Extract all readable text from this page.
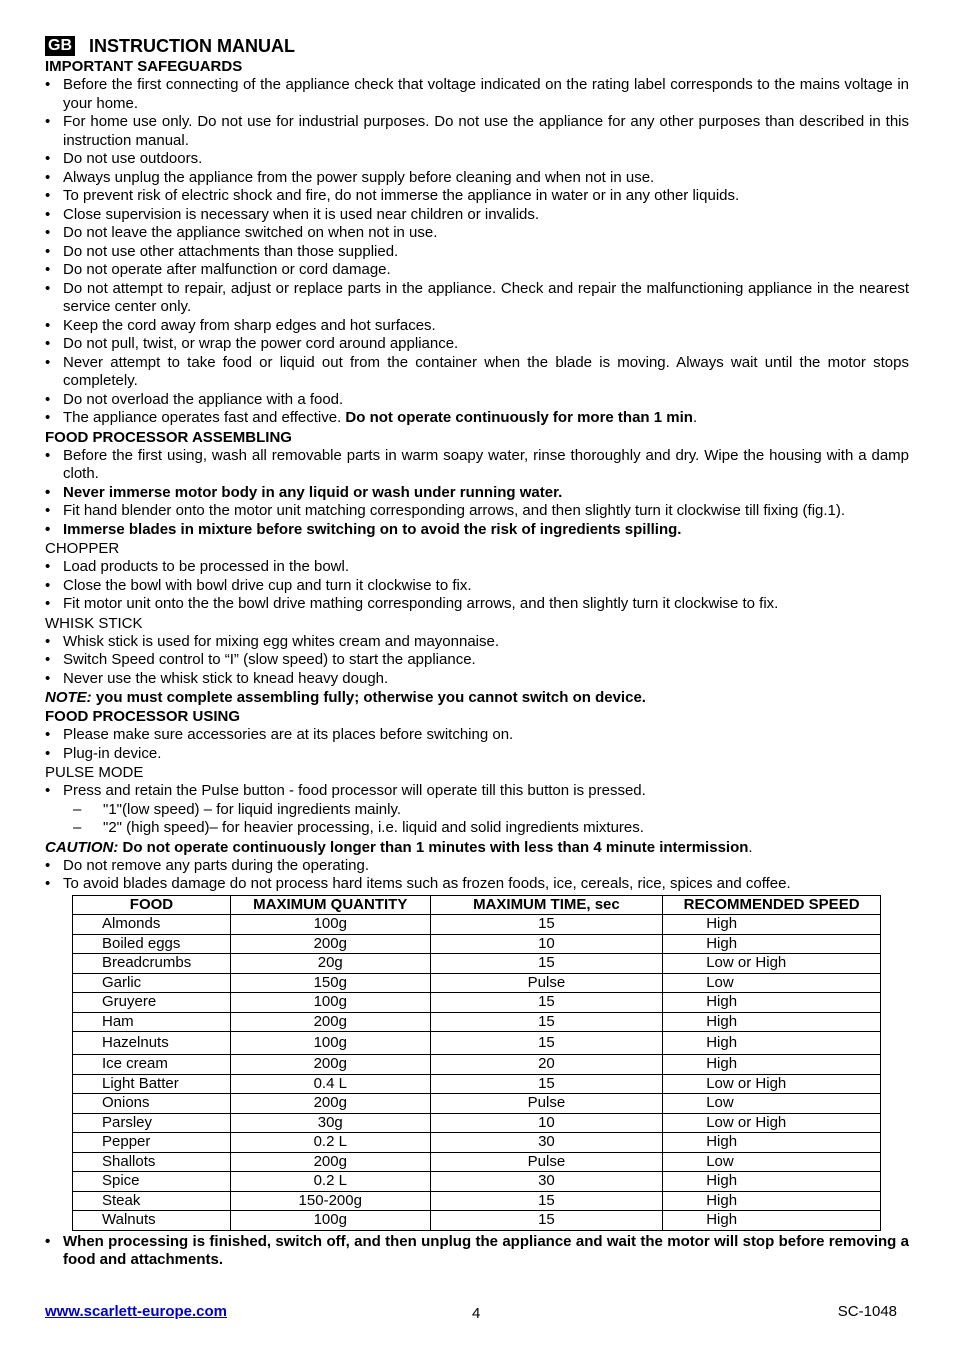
GB INSTRUCTION MANUAL
IMPORTANT SAFEGUARDS
• Before the first connecting of the appliance check that voltage indicated on the rating label corresponds to the mains voltage in your home.
• For home use only. Do not use for industrial purposes. Do not use the appliance for any other purposes than described in this instruction manual.
• Do not use outdoors.
• Always unplug the appliance from the power supply before cleaning and when not in use.
• To prevent risk of electric shock and fire, do not immerse the appliance in water or in any other liquids.
• Close supervision is necessary when it is used near children or invalids.
• Do not leave the appliance switched on when not in use.
• Do not use other attachments than those supplied.
• Do not operate after malfunction or cord damage.
• Do not attempt to repair, adjust or replace parts in the appliance. Check and repair the malfunctioning appliance in the nearest service center only.
• Keep the cord away from sharp edges and hot surfaces.
• Do not pull, twist, or wrap the power cord around appliance.
• Never attempt to take food or liquid out from the container when the blade is moving. Always wait until the motor stops completely.
• Do not overload the appliance with a food.
• The appliance operates fast and effective. Do not operate continuously for more than 1 min.
FOOD PROCESSOR ASSEMBLING
• Before the first using, wash all removable parts in warm soapy water, rinse thoroughly and dry. Wipe the housing with a damp cloth.
• Never immerse motor body in any liquid or wash under running water.
• Fit hand blender onto the motor unit matching corresponding arrows, and then slightly turn it clockwise till fixing (fig.1).
• Immerse blades in mixture before switching on to avoid the risk of ingredients spilling.
CHOPPER
• Load products to be processed in the bowl.
• Close the bowl with bowl drive cup and turn it clockwise to fix.
• Fit motor unit onto the the bowl drive mathing corresponding arrows, and then slightly turn it clockwise to fix.
WHISK STICK
• Whisk stick is used for mixing egg whites cream and mayonnaise.
• Switch Speed control to “I” (slow speed) to start the appliance.
• Never use the whisk stick to knead heavy dough.
NOTE: you must complete assembling fully; otherwise you cannot switch on device.
FOOD PROCESSOR USING
• Please make sure accessories are at its places before switching on.
• Plug-in device.
PULSE MODE
• Press and retain the Pulse button - food processor will operate till this button is pressed.
– "1"(low speed) – for liquid ingredients mainly.
– "2" (high speed)– for heavier processing, i.e. liquid and solid ingredients mixtures.
CAUTION: Do not operate continuously longer than 1 minutes with less than 4 minute intermission.
• Do not remove any parts during the operating.
• To avoid blades damage do not process hard items such as frozen foods, ice, cereals, rice, spices and coffee.
FOOD	MAXIMUM QUANTITY	MAXIMUM TIME, sec	RECOMMENDED SPEED
Almonds	100g	15	High
Boiled eggs	200g	10	High
Breadcrumbs	20g	15	Low or High
Garlic	150g	Pulse	Low
Gruyere	100g	15	High
Ham	200g	15	High
Hazelnuts	100g	15	High
Ice cream	200g	20	High
Light Batter	0.4 L	15	Low or High
Onions	200g	Pulse	Low
Parsley	30g	10	Low or High
Pepper	0.2 L	30	High
Shallots	200g	Pulse	Low
Spice	0.2 L	30	High
Steak	150-200g	15	High
Walnuts	100g	15	High
• When processing is finished, switch off, and then unplug the appliance and wait the motor will stop before removing a food and attachments.
www.scarlett-europe.com	4	SC-1048
